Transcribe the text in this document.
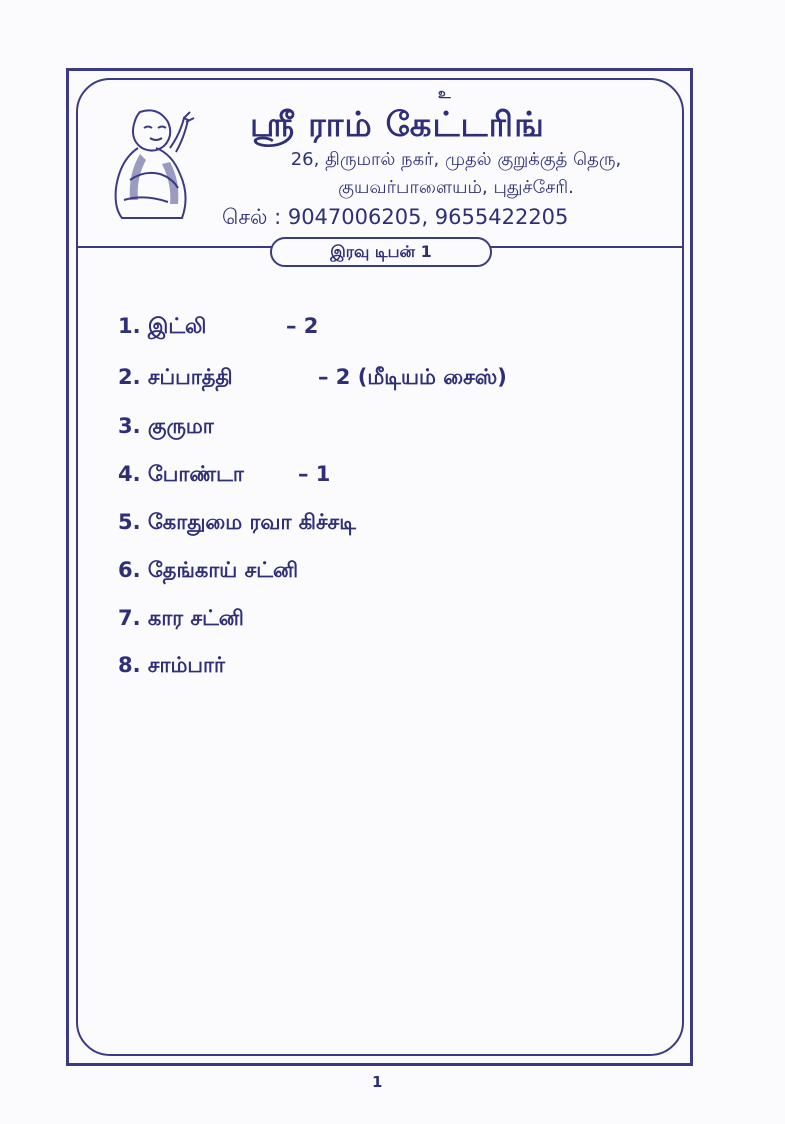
உ
ஸ்ரீ ராம் கேட்டரிங்
26, திருமால் நகர், முதல் குறுக்குத் தெரு,
குயவர்பாளையம், புதுச்சேரி.
செல் : 9047006205, 9655422205
இரவு டிபன் 1
1. இட்லி	– 2
2. சப்பாத்தி	– 2 (மீடியம் சைஸ்)
3. குருமா
4. போண்டா	– 1
5. கோதுமை ரவா கிச்சடி
6. தேங்காய் சட்னி
7. கார சட்னி
8. சாம்பார்
1
